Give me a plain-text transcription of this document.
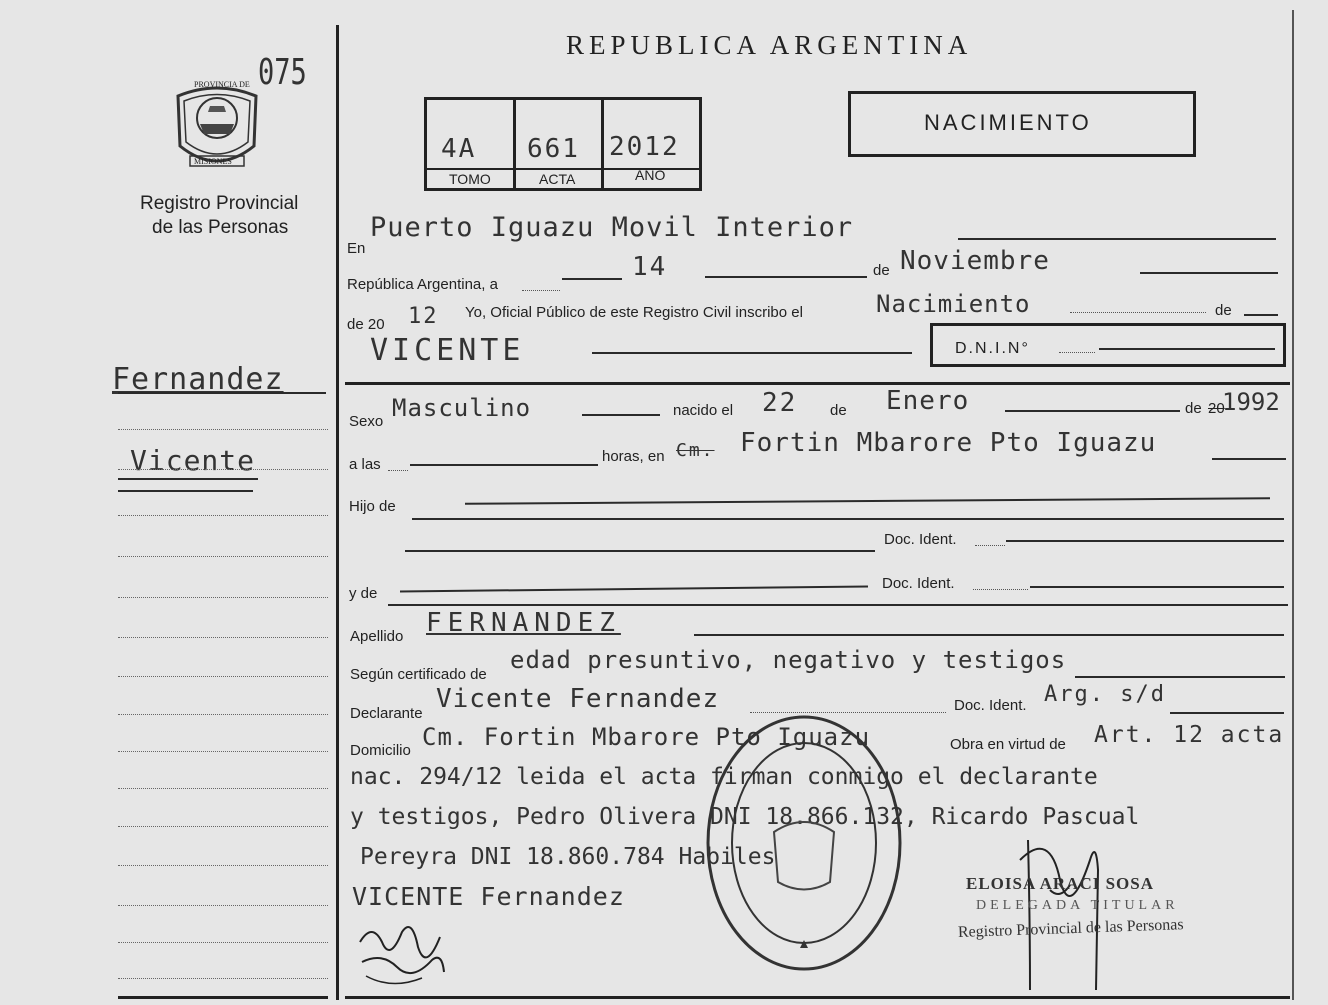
PROVINCIA DE
MISIONES
075
Registro Provincial
de las Personas
REPUBLICA ARGENTINA
4A 661 2012
TOMO	ACTA	AÑO
NACIMIENTO
Fernandez
Vicente
En
Puerto Iguazu Movil Interior
República Argentina, a
14	de Noviembre
de 20 12 Yo, Oficial Público de este Registro Civil inscribo el	Nacimiento	de
VICENTE	D.N.I.N°
Sexo Masculino	nacido el 22 de Enero	de 20
1992
a las	horas, en Cm. Fortin Mbarore Pto Iguazu
Hijo de
Doc. Ident.
y de
Doc. Ident.
Apellido FERNANDEZ
Según certificado de
edad presuntivo, negativo y testigos
Declarante Vicente Fernandez	Doc. Ident. Arg. s/d
Domicilio Cm. Fortin Mbarore Pto Iguazu	Obra en virtud de Art. 12 acta
nac. 294/12 leida el acta firman conmigo el declarante
y testigos, Pedro Olivera DNI 18.866.132, Ricardo Pascual
Pereyra DNI 18.860.784 Habiles
VICENTE Fernandez	ELOISA ARACI SOSA
DELEGADA TITULAR
Registro Provincial de las Personas
